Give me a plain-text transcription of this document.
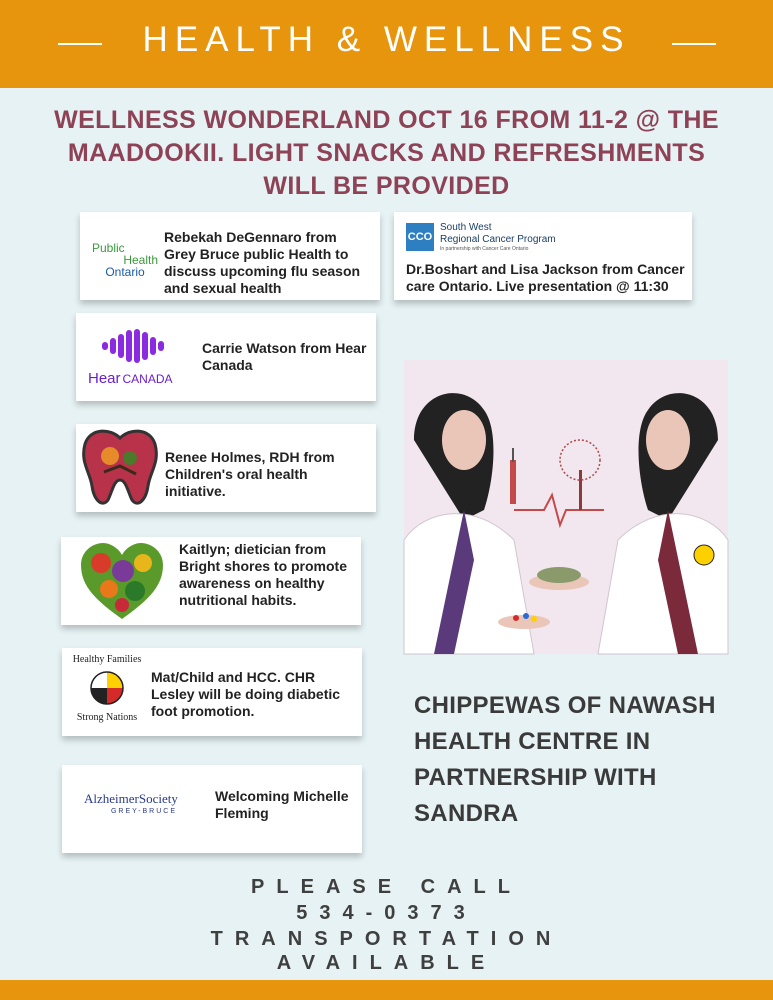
HEALTH & WELLNESS
WELLNESS WONDERLAND OCT 16 FROM 11-2 @ THE MAADOOKII. LIGHT SNACKS AND REFRESHMENTS WILL BE PROVIDED
Public
Health
Ontario
Rebekah DeGennaro from Grey Bruce public Health to discuss upcoming flu season and sexual health
CCO
South West
Regional Cancer Program
In partnership with Cancer Care Ontario
Dr.Boshart and Lisa Jackson from Cancer care Ontario. Live presentation @ 11:30
Hear CANADA
Carrie Watson from Hear Canada
Renee Holmes, RDH from Children's oral health initiative.
Kaitlyn; dietician from Bright shores to promote awareness on healthy nutritional habits.
Healthy Families
Strong Nations
Mat/Child and HCC. CHR Lesley will be doing diabetic foot promotion.
AlzheimerSociety
GREY-BRUCE
Welcoming Michelle Fleming
CHIPPEWAS OF NAWASH HEALTH CENTRE IN PARTNERSHIP WITH SANDRA
PLEASE CALL
534-0373
TRANSPORTATION
AVAILABLE
